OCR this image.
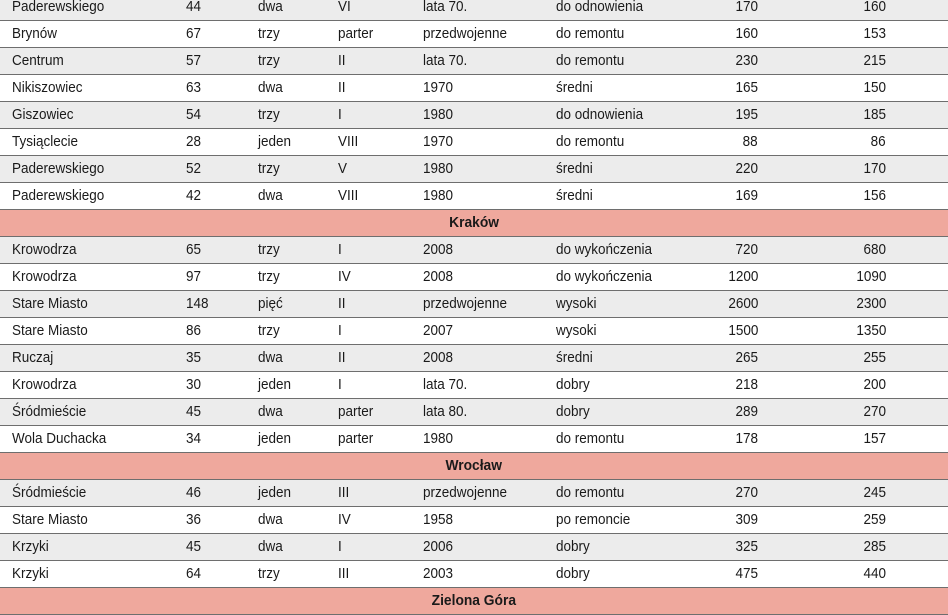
Paderewskiego	44	dwa	VI	lata 70.	do odnowienia	170	160
Brynów	67	trzy	parter	przedwojenne	do remontu	160	153
Centrum	57	trzy	II	lata 70.	do remontu	230	215
Nikiszowiec	63	dwa	II	1970	średni	165	150
Giszowiec	54	trzy	I	1980	do odnowienia	195	185
Tysiąclecie	28	jeden	VIII	1970	do remontu	88	86
Paderewskiego	52	trzy	V	1980	średni	220	170
Paderewskiego	42	dwa	VIII	1980	średni	169	156
Kraków
Krowodrza	65	trzy	I	2008	do wykończenia	720	680
Krowodrza	97	trzy	IV	2008	do wykończenia	1200	1090
Stare Miasto	148	pięć	II	przedwojenne	wysoki	2600	2300
Stare Miasto	86	trzy	I	2007	wysoki	1500	1350
Ruczaj	35	dwa	II	2008	średni	265	255
Krowodrza	30	jeden	I	lata 70.	dobry	218	200
Śródmieście	45	dwa	parter	lata 80.	dobry	289	270
Wola Duchacka	34	jeden	parter	1980	do remontu	178	157
Wrocław
Śródmieście	46	jeden	III	przedwojenne	do remontu	270	245
Stare Miasto	36	dwa	IV	1958	po remoncie	309	259
Krzyki	45	dwa	I	2006	dobry	325	285
Krzyki	64	trzy	III	2003	dobry	475	440
Zielona Góra
